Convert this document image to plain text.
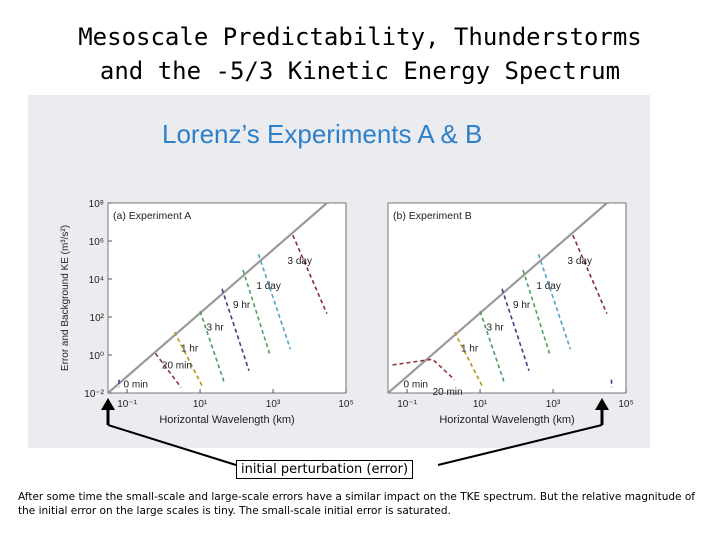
Mesoscale Predictability, Thunderstorms
and the -5/3 Kinetic Energy Spectrum
Lorenz’s Experiments A & B
(a) Experiment A
10⁻¹	10¹	10³	10⁵
10⁻²
10⁰
10²
10⁴
10⁶
10⁸
Horizontal Wavelength (km)
Error and Background KE (m³/s²)
0 min
20 min
1 hr
3 hr
9 hr
1 day
3 day
(b) Experiment B
10⁻¹	10¹	10³	10⁵
Horizontal Wavelength (km)
0 min
20 min
1 hr
3 hr
9 hr
1 day
3 day
initial perturbation (error)
After some time the small-scale and large-scale errors have a similar impact on the TKE spectrum. But the relative magnitude of the initial error on the large scales is tiny. The small-scale initial error is saturated.
